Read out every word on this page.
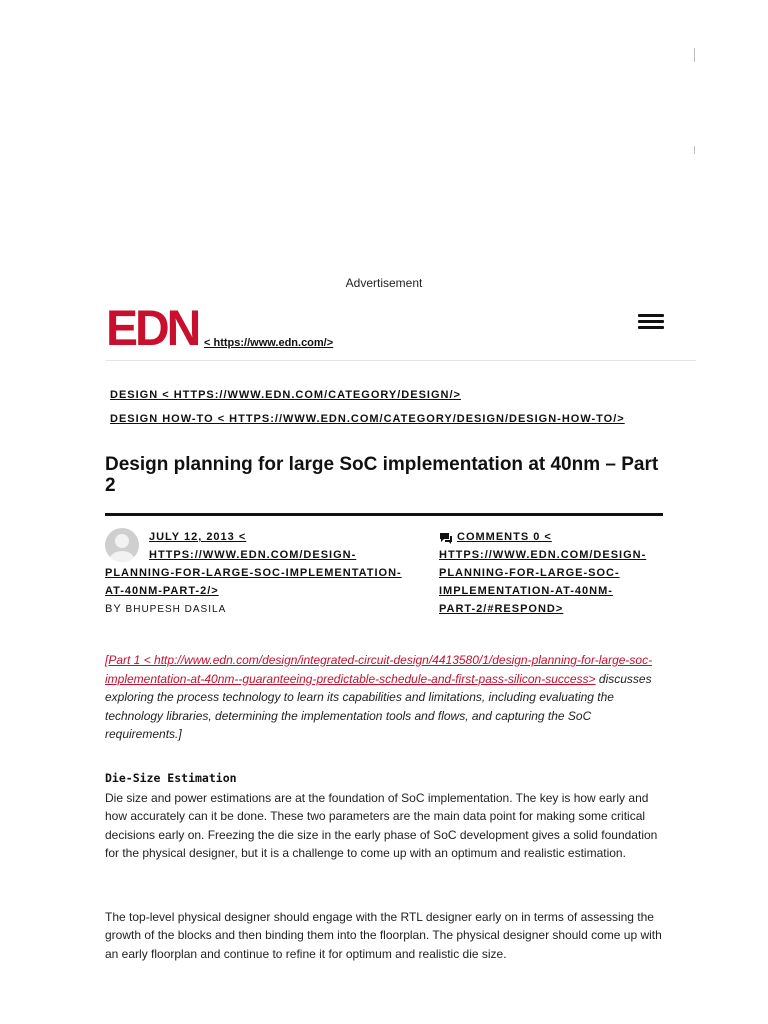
Advertisement
EDN < https://www.edn.com/>
DESIGN < HTTPS://WWW.EDN.COM/CATEGORY/DESIGN/>
DESIGN HOW-TO < HTTPS://WWW.EDN.COM/CATEGORY/DESIGN/DESIGN-HOW-TO/>
Design planning for large SoC implementation at 40nm – Part 2
JULY 12, 2013 <
HTTPS://WWW.EDN.COM/DESIGN-
PLANNING-FOR-LARGE-SOC-IMPLEMENTATION-
AT-40NM-PART-2/>
COMMENTS 0 <
HTTPS://WWW.EDN.COM/DESIGN-
PLANNING-FOR-LARGE-SOC-
IMPLEMENTATION-AT-40NM-
PART-2/#RESPOND>
BY BHUPESH DASILA

[Part 1 < http://www.edn.com/design/integrated-circuit-design/4413580/1/design-planning-for-large-soc-implementation-at-40nm--guaranteeing-predictable-schedule-and-first-pass-silicon-success> discusses exploring the process technology to learn its capabilities and limitations, including evaluating the technology libraries, determining the implementation tools and flows, and capturing the SoC requirements.]

Die-Size Estimation

Die size and power estimations are at the foundation of SoC implementation. The key is how early and how accurately can it be done. These two parameters are the main data point for making some critical decisions early on. Freezing the die size in the early phase of SoC development gives a solid foundation for the physical designer, but it is a challenge to come up with an optimum and realistic estimation.

The top-level physical designer should engage with the RTL designer early on in terms of assessing the growth of the blocks and then binding them into the floorplan. The physical designer should come up with an early floorplan and continue to refine it for optimum and realistic die size.
